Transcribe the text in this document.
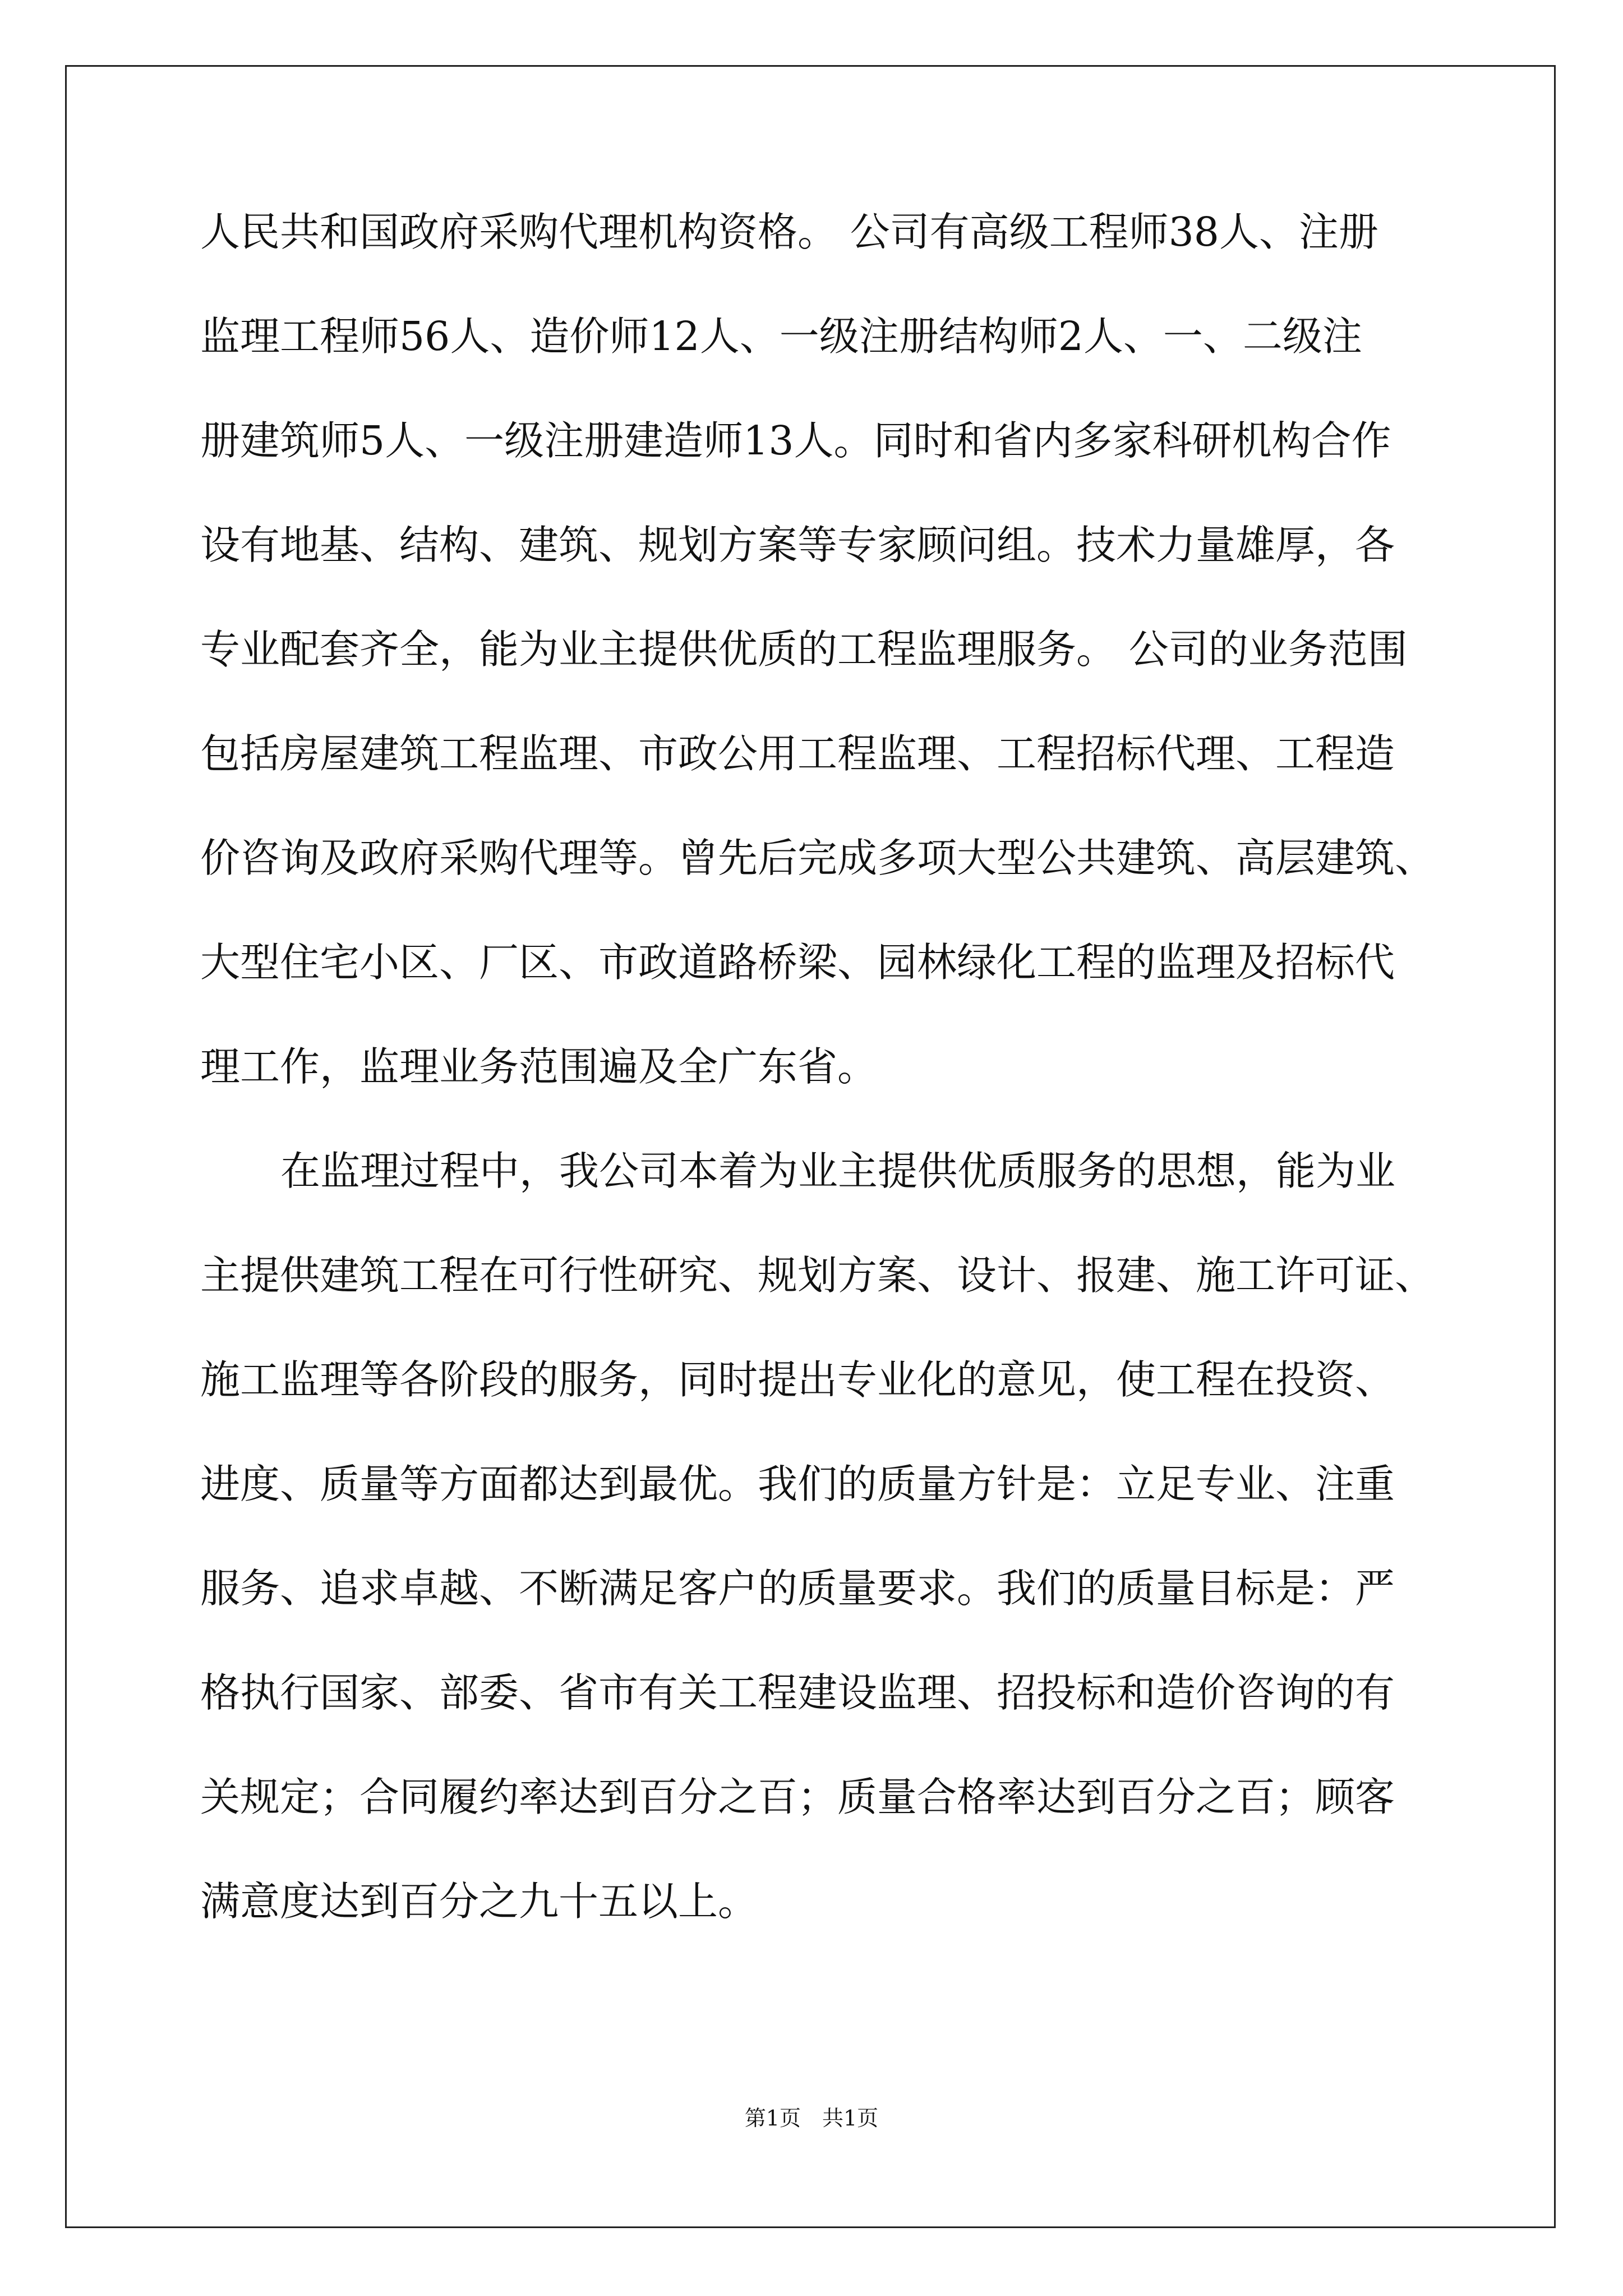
人民共和国政府采购代理机构资格。 公司有高级工程师38人、注册
监理工程师56人、造价师12人、一级注册结构师2人、一、二级注
册建筑师5人、一级注册建造师13人。同时和省内多家科研机构合作
设有地基、结构、建筑、规划方案等专家顾问组。技术力量雄厚，各
专业配套齐全，能为业主提供优质的工程监理服务。 公司的业务范围
包括房屋建筑工程监理、市政公用工程监理、工程招标代理、工程造
价咨询及政府采购代理等。曾先后完成多项大型公共建筑、高层建筑、
大型住宅小区、厂区、市政道路桥梁、园林绿化工程的监理及招标代
理工作，监理业务范围遍及全广东省。
在监理过程中，我公司本着为业主提供优质服务的思想，能为业
主提供建筑工程在可行性研究、规划方案、设计、报建、施工许可证、
施工监理等各阶段的服务，同时提出专业化的意见，使工程在投资、
进度、质量等方面都达到最优。我们的质量方针是：立足专业、注重
服务、追求卓越、不断满足客户的质量要求。我们的质量目标是：严
格执行国家、部委、省市有关工程建设监理、招投标和造价咨询的有
关规定；合同履约率达到百分之百；质量合格率达到百分之百；顾客
满意度达到百分之九十五以上。
第1页　共1页
